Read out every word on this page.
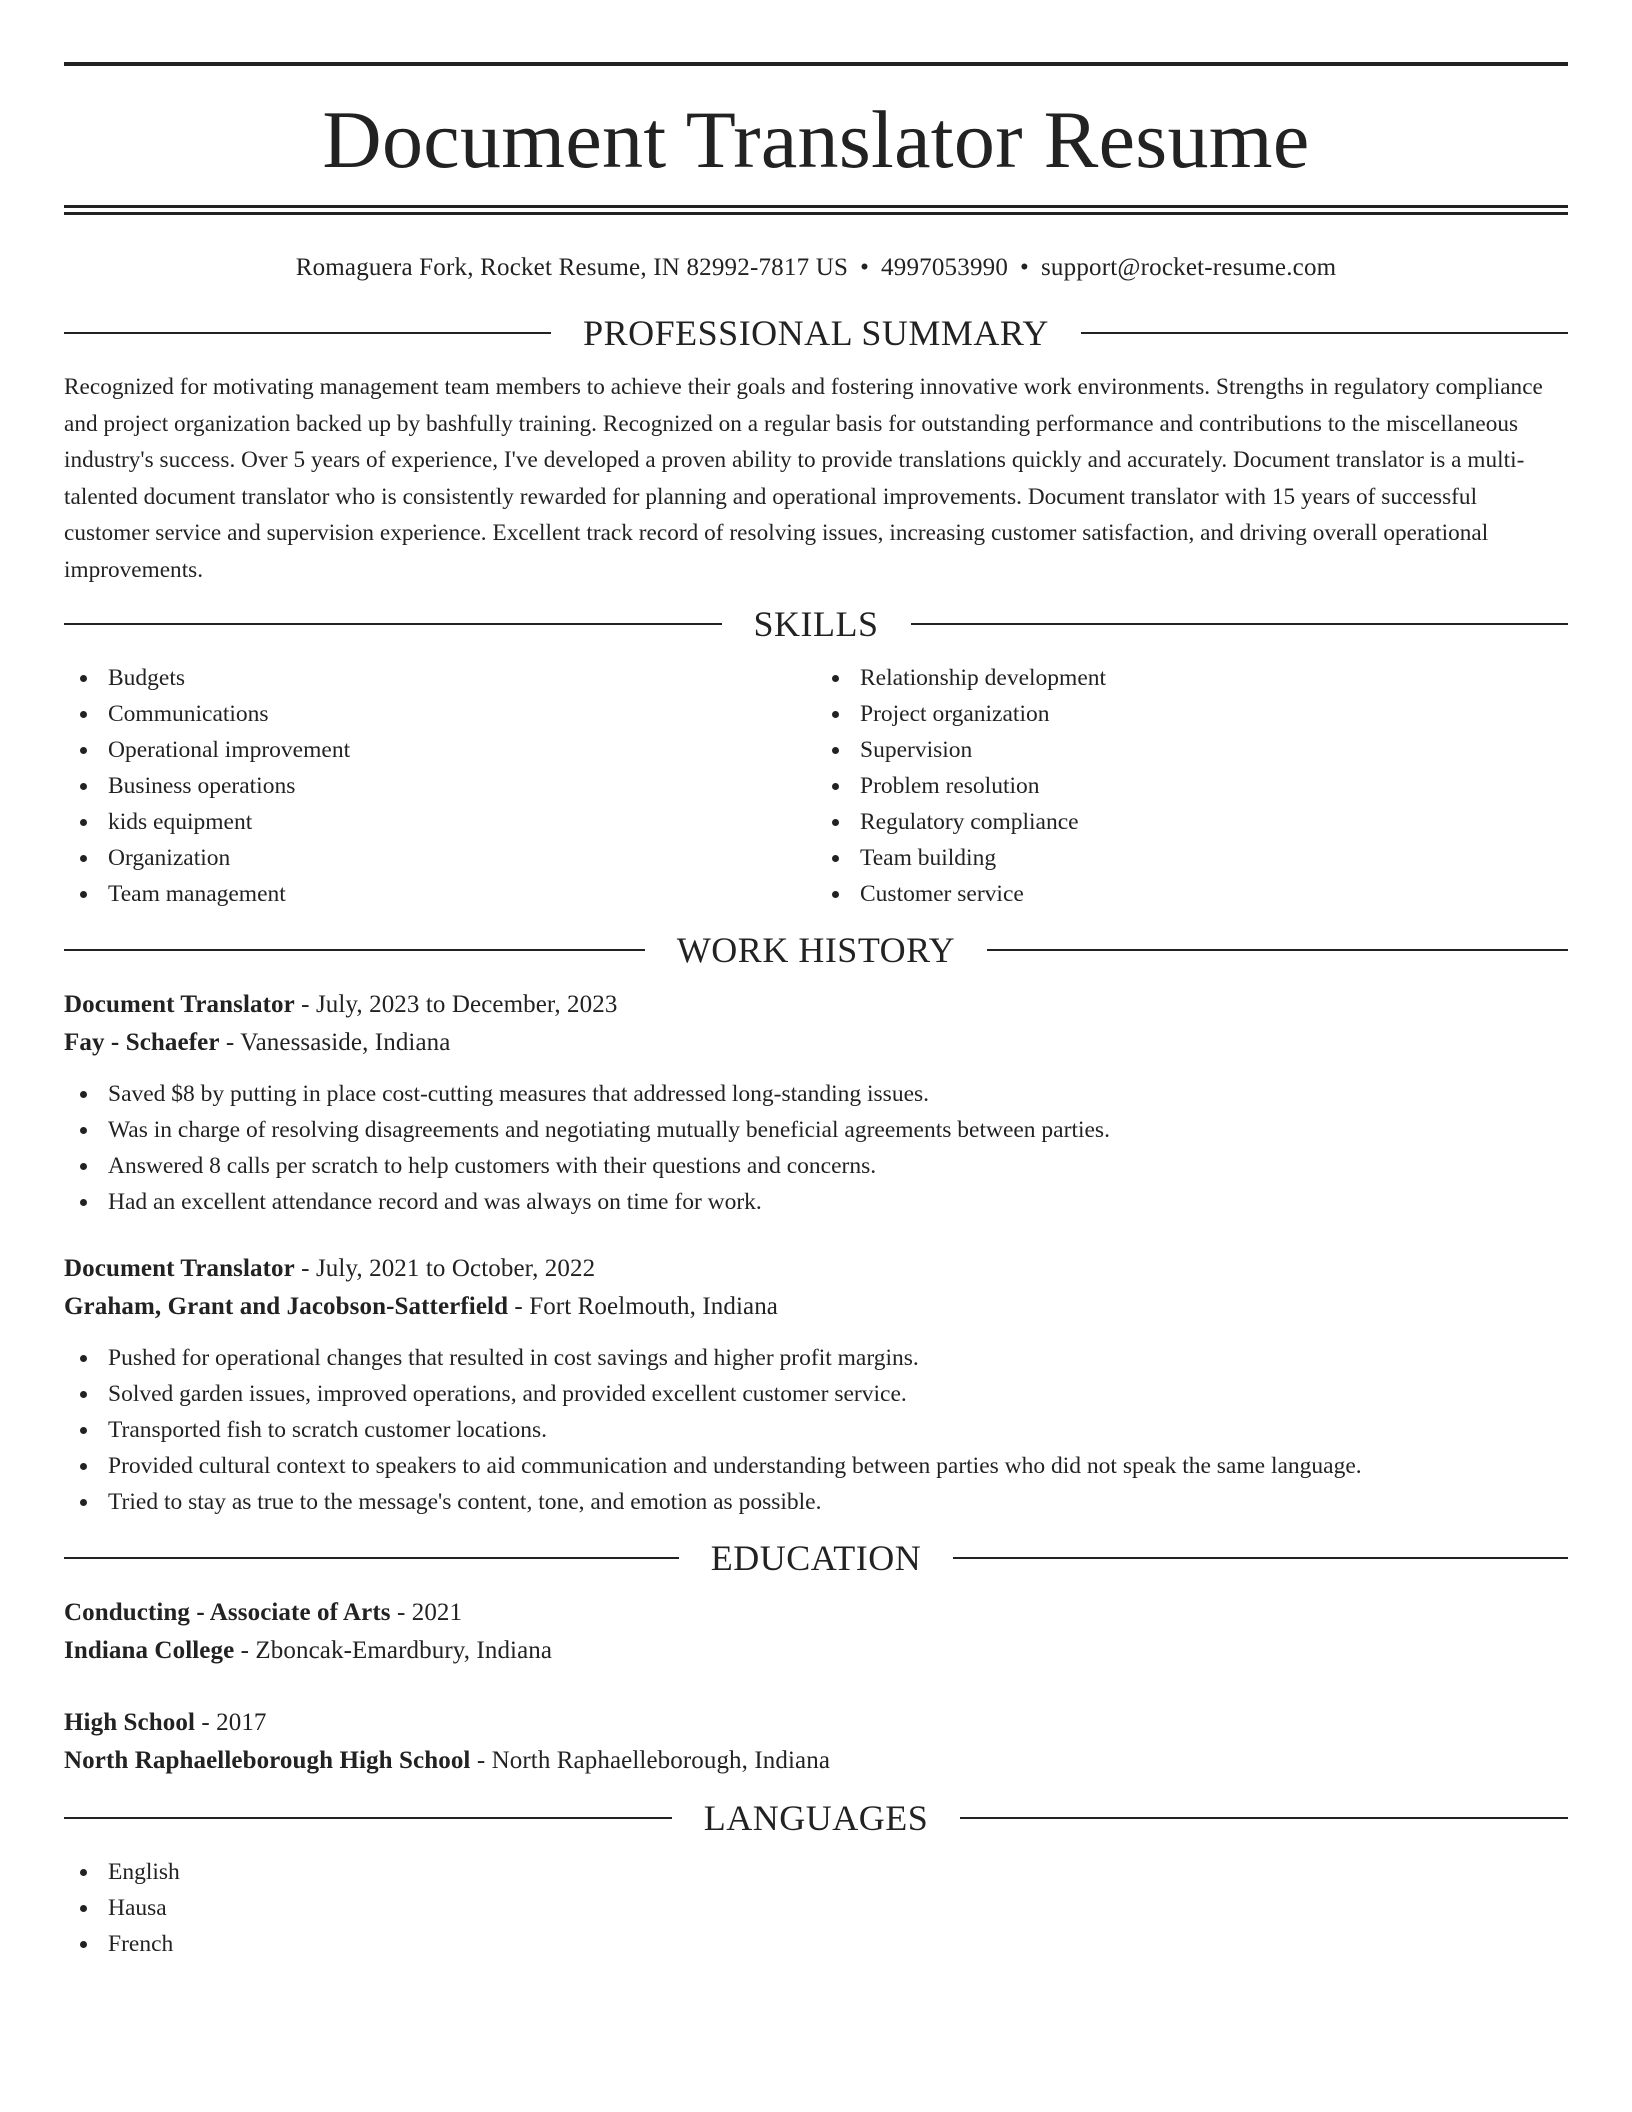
Document Translator Resume
Romaguera Fork, Rocket Resume, IN 82992-7817 US • 4997053990 • support@rocket-resume.com
PROFESSIONAL SUMMARY

Recognized for motivating management team members to achieve their goals and fostering innovative work environments. Strengths in regulatory compliance and project organization backed up by bashfully training. Recognized on a regular basis for outstanding performance and contributions to the miscellaneous industry's success. Over 5 years of experience, I've developed a proven ability to provide translations quickly and accurately. Document translator is a multi-talented document translator who is consistently rewarded for planning and operational improvements. Document translator with 15 years of successful customer service and supervision experience. Excellent track record of resolving issues, increasing customer satisfaction, and driving overall operational improvements.

SKILLS
Budgets
Communications
Operational improvement
Business operations
kids equipment
Organization
Team management
Relationship development
Project organization
Supervision
Problem resolution
Regulatory compliance
Team building
Customer service
WORK HISTORY
Document Translator - July, 2023 to December, 2023
Fay - Schaefer - Vanessaside, Indiana
Saved $8 by putting in place cost-cutting measures that addressed long-standing issues.
Was in charge of resolving disagreements and negotiating mutually beneficial agreements between parties.
Answered 8 calls per scratch to help customers with their questions and concerns.
Had an excellent attendance record and was always on time for work.
Document Translator - July, 2021 to October, 2022
Graham, Grant and Jacobson-Satterfield - Fort Roelmouth, Indiana
Pushed for operational changes that resulted in cost savings and higher profit margins.
Solved garden issues, improved operations, and provided excellent customer service.
Transported fish to scratch customer locations.
Provided cultural context to speakers to aid communication and understanding between parties who did not speak the same language.
Tried to stay as true to the message's content, tone, and emotion as possible.
EDUCATION
Conducting - Associate of Arts - 2021
Indiana College - Zboncak-Emardbury, Indiana
High School - 2017
North Raphaelleborough High School - North Raphaelleborough, Indiana
LANGUAGES
English
Hausa
French
